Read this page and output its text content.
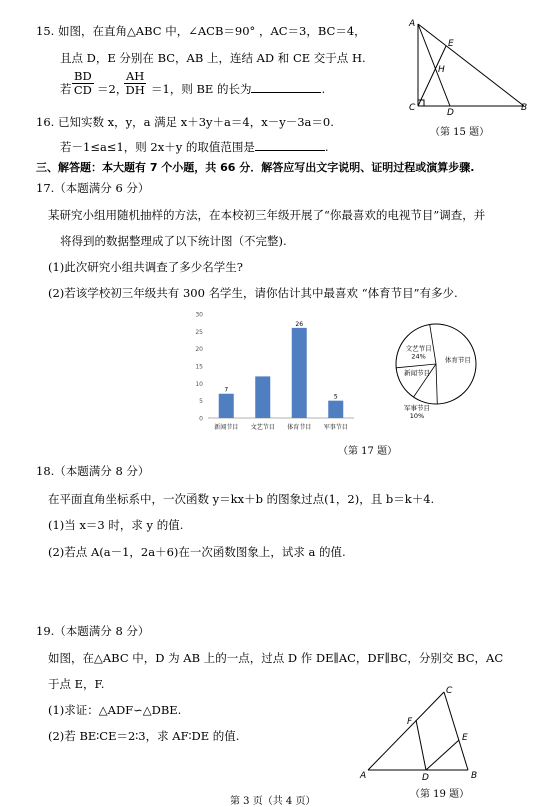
15. 如图，在直角△ABC 中，∠ACB＝90° ，AC＝3，BC＝4，
且点 D，E 分别在 BC，AB 上，连结 AD 和 CE 交于点 H.
若 $\frac{BD}{CD} =2$，
$\frac{AH}{DH} =1$，则 BE 的长为	.
A
E
H
C	D	B
（第 15 题）
16. 已知实数 x，y，a 满足 x＋3y＋a＝4，x－y－3a＝0.
若－1≤a≤1，则 2x＋y 的取值范围是	.
三、解答题：本大题有 7 个小题，共 66 分．解答应写出文字说明、证明过程或演算步骤.
17.（本题满分 6 分）
某研究小组用随机抽样的方法，在本校初三年级开展了“你最喜欢的电视节目”调查，并
将得到的数据整理成了以下统计图（不完整).
(1)此次研究小组共调查了多少名学生?
(2)若该学校初三年级共有 300 名学生，请你估计其中最喜欢 “体育节目”有多少.
0
5
10
15
20
25
30
7
新闻节目 文艺节目
26
体育节目
5
军事节目
体育节目
军事节目
10%
新闻节目
文艺节目
24%
（第 17 题）
18.（本题满分 8 分）
在平面直角坐标系中，一次函数 y＝kx＋b 的图象过点(1，2)，且 b＝k＋4.
(1)当 x＝3 时，求 y 的值.
(2)若点 A(a－1，2a＋6)在一次函数图象上，试求 a 的值.
19.（本题满分 8 分）
如图，在△ABC 中，D 为 AB 上的一点，过点 D 作 DE∥AC，DF∥BC，分别交 BC，AC
于点 E，F.
(1)求证：△ADF∽△DBE.
(2)若 BE∶CE＝2∶3，求 AF∶DE 的值.
A	B
C
D
E
F
（第 19 题）
第 3 页（共 4 页）
